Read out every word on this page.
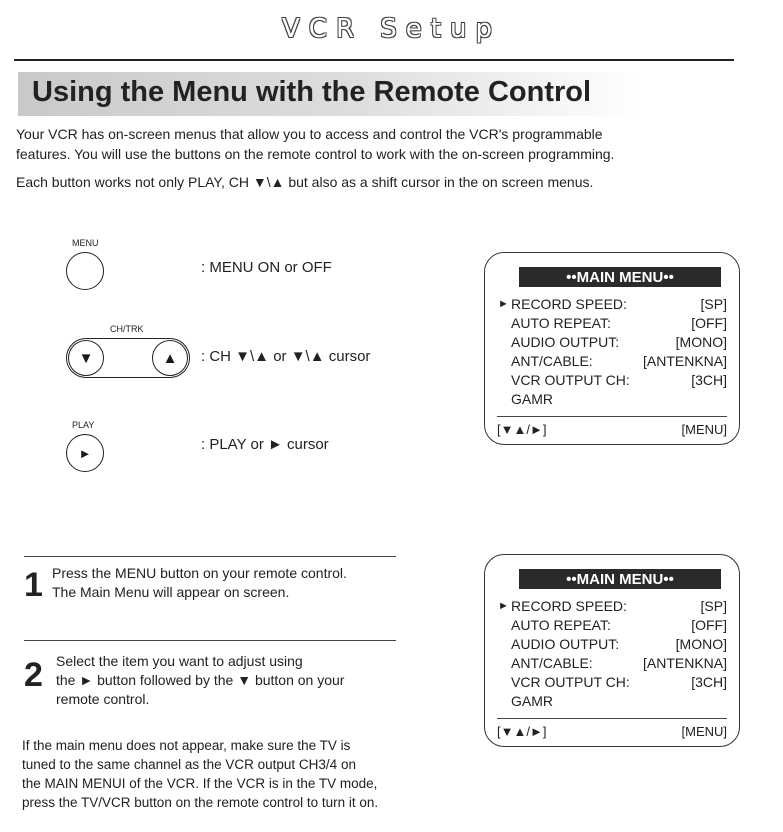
VCR Setup
Using the Menu with the Remote Control
Your VCR has on-screen menus that allow you to access and control the VCR's programmable
features. You will use the buttons on the remote control to work with the on-screen programming.
Each button works not only PLAY, CH ▼\▲ but also as a shift cursor in the on screen menus.
MENU
: MENU ON or OFF
CH/TRK
▼	▲	: CH ▼\▲ or ▼\▲ cursor
PLAY
►	: PLAY or ► cursor
••MAIN MENU••
► RECORD SPEED:	[SP]
AUTO REPEAT:	[OFF]
AUDIO OUTPUT:	[MONO]
ANT/CABLE:	[ANTENKNA]
VCR OUTPUT CH:	[3CH]
GAMR
[▼▲/►]	[MENU]
••MAIN MENU••
► RECORD SPEED:	[SP]
AUTO REPEAT:	[OFF]
AUDIO OUTPUT:	[MONO]
ANT/CABLE:	[ANTENKNA]
VCR OUTPUT CH:	[3CH]
GAMR
[▼▲/►]	[MENU]
1 Press the MENU button on your remote control.
The Main Menu will appear on screen.
2 Select the item you want to adjust using
the ► button followed by the ▼ button on your
remote control.
If the main menu does not appear, make sure the TV is
tuned to the same channel as the VCR output CH3/4 on
the MAIN MENUI of the VCR. If the VCR is in the TV mode,
press the TV/VCR button on the remote control to turn it on.
